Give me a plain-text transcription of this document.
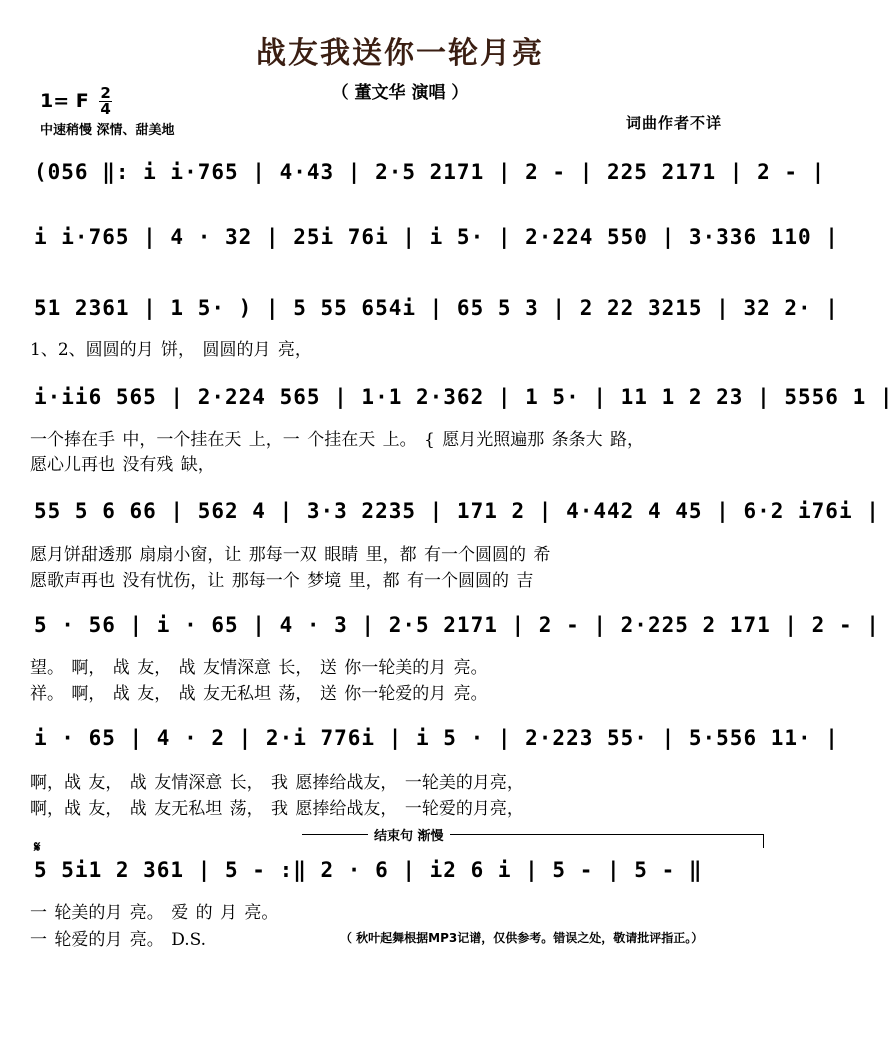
战友我送你一轮月亮
（ 董文华 演唱 ）
1= F $\frac{2}{4}$
中速稍慢 深情、甜美地	词曲作者不详
(056 ‖: i i·765 | 4·43 | 2·5 2171 | 2 - | 225 2171 | 2 - |
i i·765 | 4 · 32 | 25i 76i | i 5· | 2·224 550 | 3·336 110 |
51 2361 | 1 5· ) | 5 55 654i | 65 5 3 | 2 22 3215 | 32 2· |
1、2、圆圆的月 饼， 圆圆的月 亮，
i·ii6 565 | 2·224 565 | 1·1 2·362 | 1 5· | 11 1 2 23 | 5556 1 |
一个捧在手 中，一个挂在天 上，一 个挂在天 上。 { 愿月光照遍那 条条大 路，
愿心儿再也 没有残 缺，
55 5 6 66 | 562 4 | 3·3 2235 | 171 2 | 4·442 4 45 | 6·2 i76i |
愿月饼甜透那 扇扇小窗，让 那每一双 眼睛 里，都 有一个圆圆的 希
愿歌声再也 没有忧伤，让 那每一个 梦境 里，都 有一个圆圆的 吉
5 · 56 | i · 65 | 4 · 3 | 2·5 2171 | 2 - | 2·225 2 171 | 2 - |
望。 啊， 战 友， 战 友情深意 长， 送 你一轮美的月 亮。
祥。 啊， 战 友， 战 友无私坦 荡， 送 你一轮爱的月 亮。
i · 65 | 4 · 2 | 2·i 776i | i 5 · | 2·223 55· | 5·556 11· |
啊，战 友， 战 友情深意 长， 我 愿捧给战友， 一轮美的月亮，
啊，战 友， 战 友无私坦 荡， 我 愿捧给战友， 一轮爱的月亮，
结束句 渐慢
𝄋
5 5i1 2 361 | 5 - :‖ 2 · 6 | i2 6 i | 5 - | 5 - ‖
一 轮美的月 亮。 爱 的 月 亮。
一 轮爱的月 亮。 D.S.	（ 秋叶起舞根据MP3记谱，仅供参考。错误之处，敬请批评指正。）
